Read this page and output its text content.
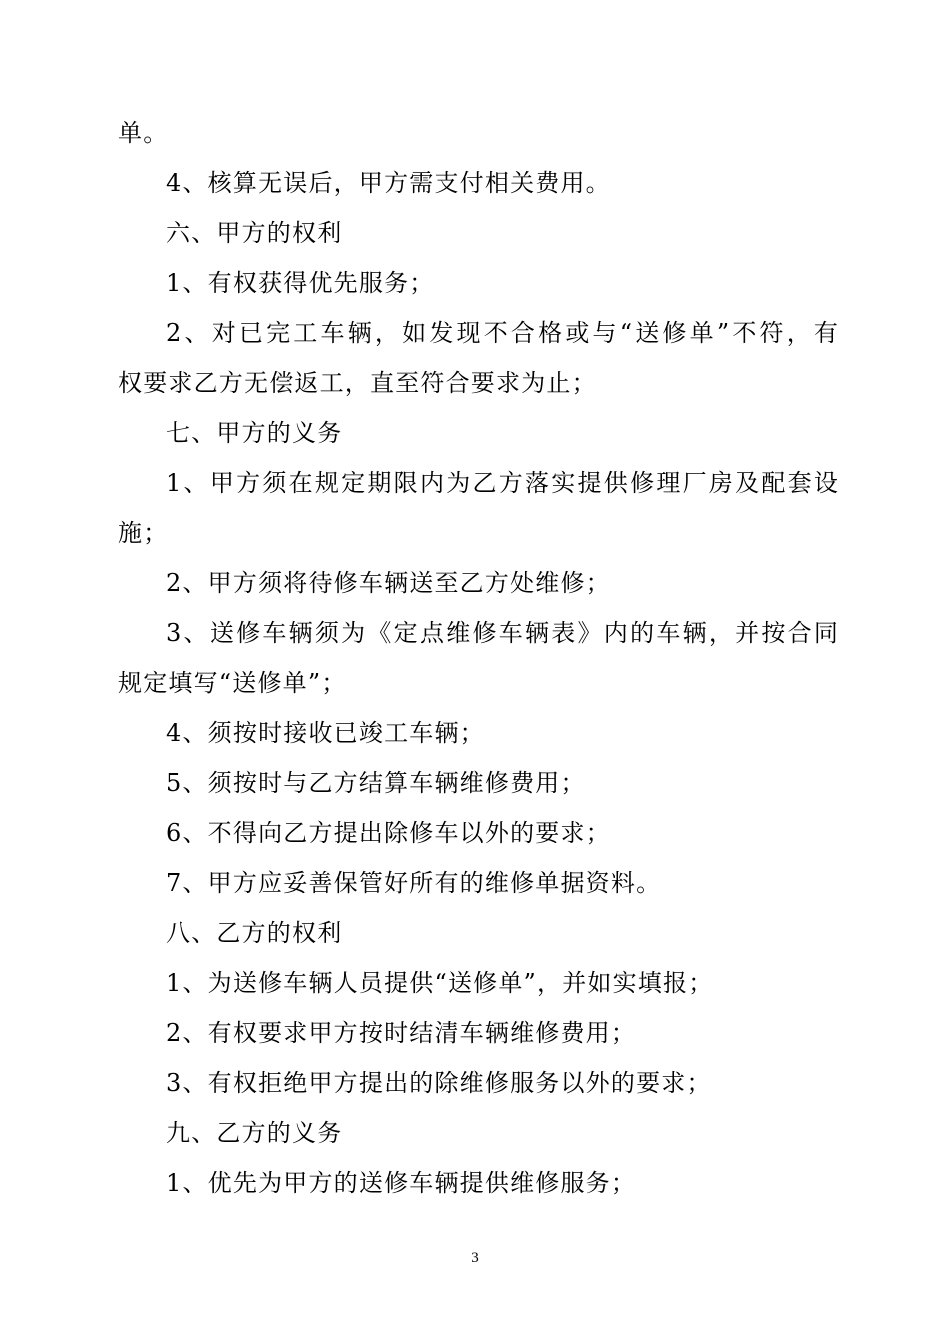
单。
4、核算无误后，甲方需支付相关费用。
六、甲方的权利
1、有权获得优先服务；
2 、 对 已 完 工 车 辆 ， 如 发 现 不 合 格 或 与 “ 送 修 单 ” 不 符 ， 有
权要求乙方无偿返工，直至符合要求为止；
七、甲方的义务
1 、 甲 方 须 在 规 定 期 限 内 为 乙 方 落 实 提 供 修 理 厂 房 及 配 套 设
施；
2、甲方须将待修车辆送至乙方处维修；
3 、 送 修 车 辆 须 为 《 定 点 维 修 车 辆 表 》 内 的 车 辆 ， 并 按 合 同
规定填写“送修单”；
4、须按时接收已竣工车辆；
5、须按时与乙方结算车辆维修费用；
6、不得向乙方提出除修车以外的要求；
7、甲方应妥善保管好所有的维修单据资料。
八、乙方的权利
1、为送修车辆人员提供“送修单”，并如实填报；
2、有权要求甲方按时结清车辆维修费用；
3、有权拒绝甲方提出的除维修服务以外的要求；
九、乙方的义务
1、优先为甲方的送修车辆提供维修服务；
3
